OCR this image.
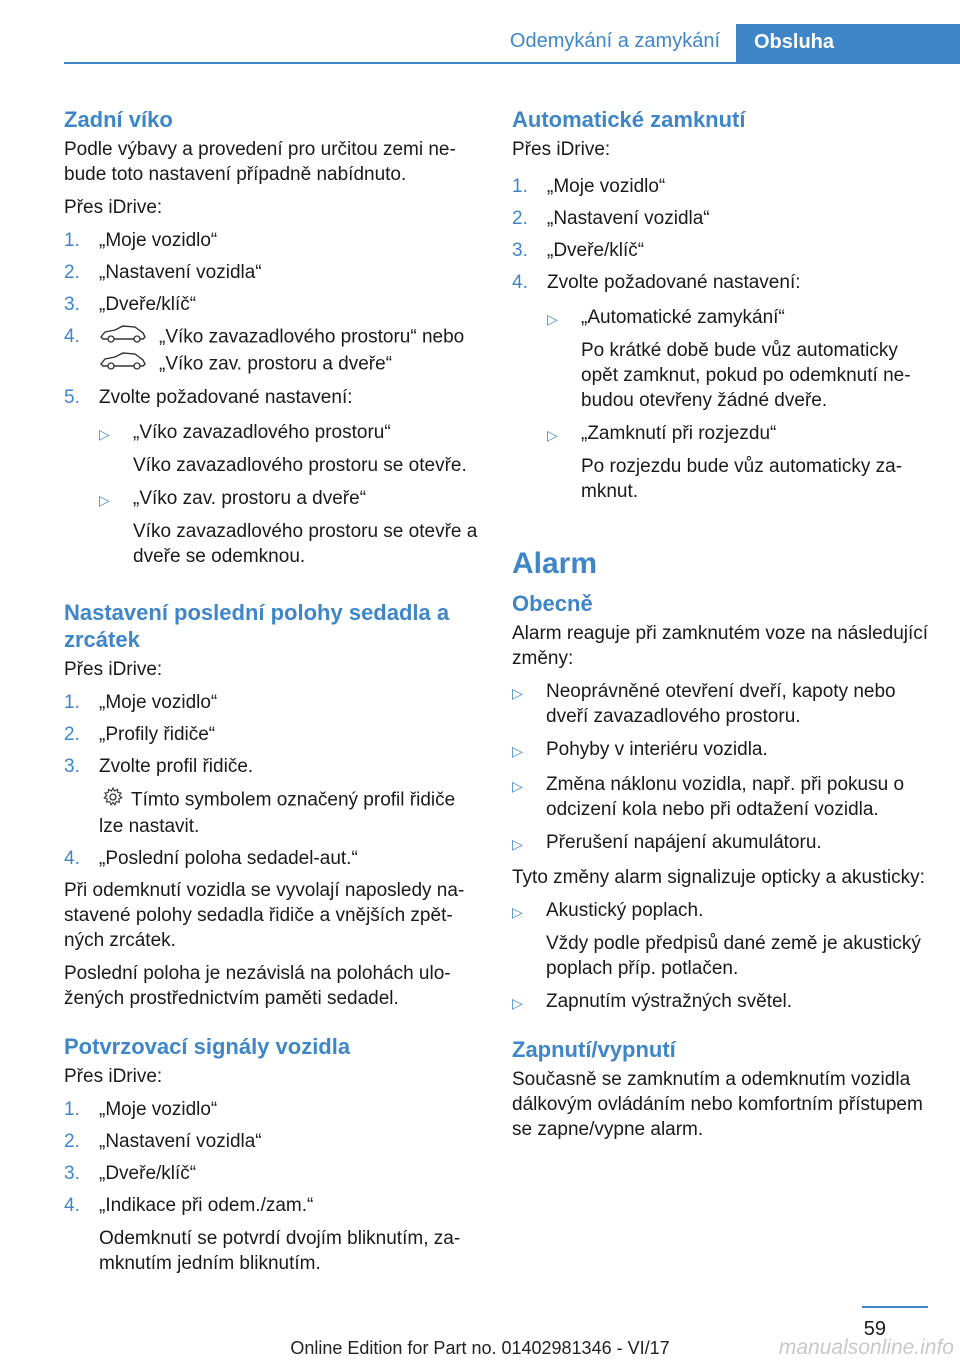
Odemykání a zamykání	Obsluha
Zadní víko

Podle výbavy a provedení pro určitou zemi nebude toto nastavení případně nabídnuto.

Přes iDrive:

1.	„Moje vozidlo“
2.	„Nastavení vozidla“
3.	„Dveře/klíč“
4.	„Víko zavazadlového prostoru“ nebo
„Víko zav. prostoru a dveře“
5.	Zvolte požadované nastavení:
▷	„Víko zavazadlového prostoru“
Víko zavazadlového prostoru se otevře.
▷	„Víko zav. prostoru a dveře“
Víko zavazadlového prostoru se otevře a dveře se odemknou.
Nastavení poslední polohy sedadla a zrcátek

Přes iDrive:

1.	„Moje vozidlo“
2.	„Profily řidiče“
3.	Zvolte profil řidiče.
Tímto symbolem označený profil řidiče lze nastavit.
4.	„Poslední poloha sedadel-aut.“

Při odemknutí vozidla se vyvolají naposledy nastavené polohy sedadla řidiče a vnějších zpětných zrcátek.

Poslední poloha je nezávislá na polohách uložených prostřednictvím paměti sedadel.

Potvrzovací signály vozidla

Přes iDrive:

1.	„Moje vozidlo“
2.	„Nastavení vozidla“
3.	„Dveře/klíč“
4.	„Indikace při odem./zam.“
Odemknutí se potvrdí dvojím bliknutím, zamknutím jedním bliknutím.
Automatické zamknutí

Přes iDrive:

1.	„Moje vozidlo“
2.	„Nastavení vozidla“
3.	„Dveře/klíč“
4.	Zvolte požadované nastavení:
▷	„Automatické zamykání“
Po krátké době bude vůz automaticky opět zamknut, pokud po odemknutí nebudou otevřeny žádné dveře.
▷	„Zamknutí při rozjezdu“
Po rozjezdu bude vůz automaticky zamknut.
Alarm
Obecně

Alarm reaguje při zamknutém voze na následující změny:

▷	Neoprávněné otevření dveří, kapoty nebo dveří zavazadlového prostoru.
▷	Pohyby v interiéru vozidla.
▷	Změna náklonu vozidla, např. při pokusu o odcizení kola nebo při odtažení vozidla.
▷	Přerušení napájení akumulátoru.

Tyto změny alarm signalizuje opticky a akusticky:

▷	Akustický poplach.
Vždy podle předpisů dané země je akustický poplach příp. potlačen.
▷	Zapnutím výstražných světel.
Zapnutí/vypnutí

Současně se zamknutím a odemknutím vozidla dálkovým ovládáním nebo komfortním přístupem se zapne/vypne alarm.

59
Online Edition for Part no. 01402981346 - VI/17	manualsonline.info
